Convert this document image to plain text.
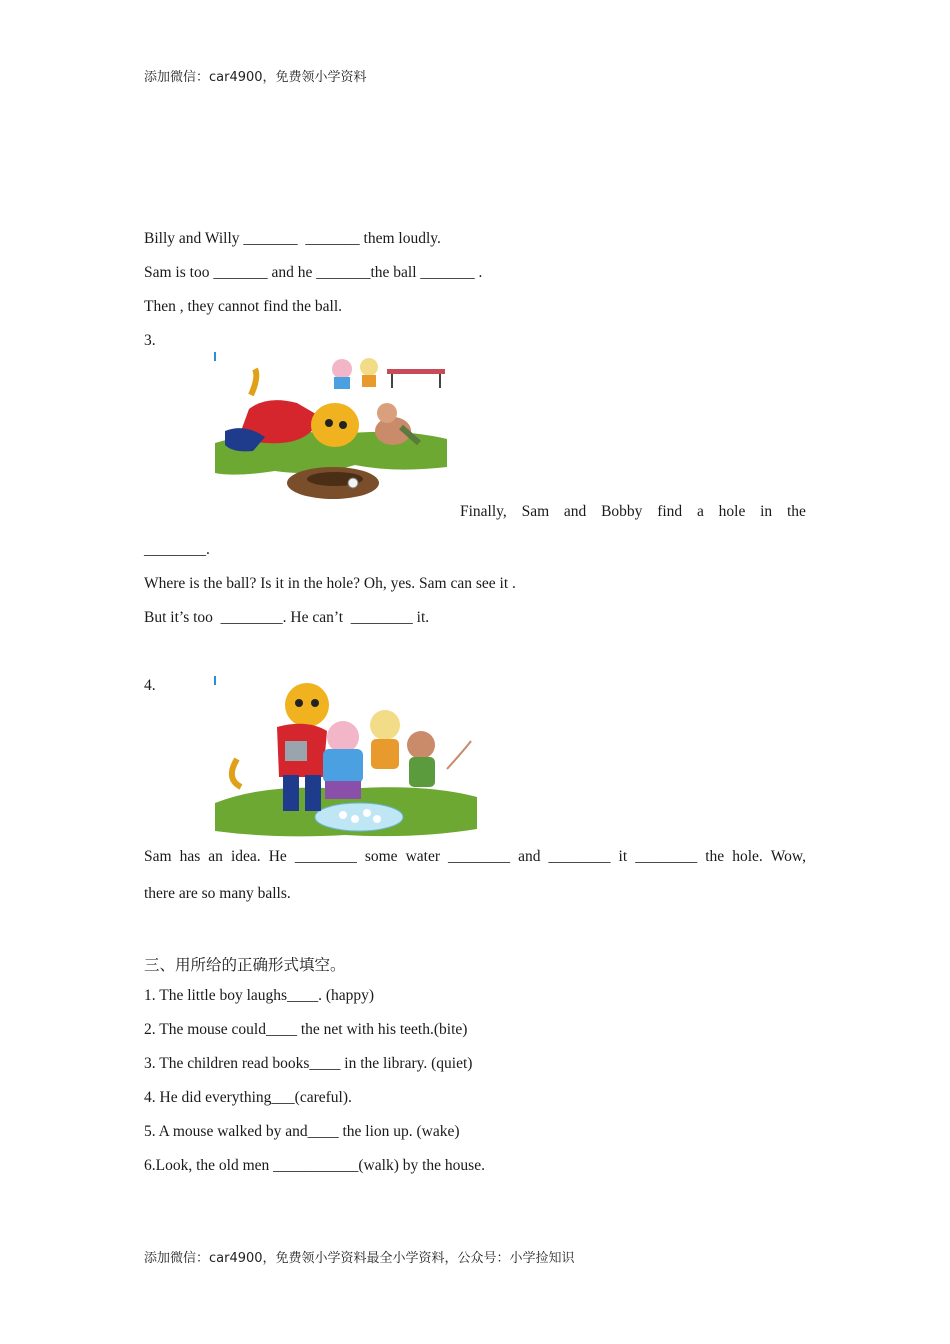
添加微信：car4900，免费领小学资料
Billy and Willy _______  _______ them loudly.
Sam is too _______ and he _______the ball _______ .
Then , they cannot find the ball.
3.
Finally, Sam and Bobby find a hole in the
________.
Where is the ball? Is it in the hole? Oh, yes. Sam can see it .
But it’s too  ________. He can’t  ________ it.
4.
Sam has an idea. He ________ some water ________ and ________ it ________ the hole. Wow,
there are so many balls.
三、用所给的正确形式填空。
1. The little boy laughs____. (happy)
2. The mouse could____ the net with his teeth.(bite)
3. The children read books____ in the library. (quiet)
4. He did everything___(careful).
5. A mouse walked by and____ the lion up. (wake)
6.Look, the old men ___________(walk) by the house.
添加微信：car4900，免费领小学资料最全小学资料，公众号：小学捡知识
